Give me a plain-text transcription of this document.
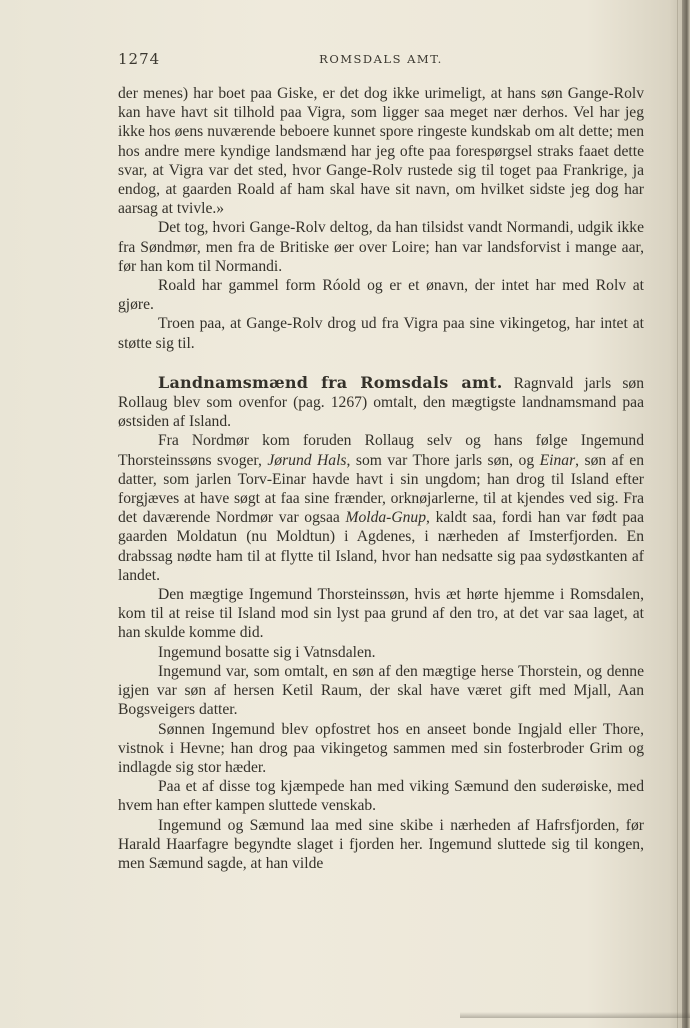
1274	ROMSDALS AMT.

der menes) har boet paa Giske, er det dog ikke urimeligt, at hans søn Gange-Rolv kan have havt sit tilhold paa Vigra, som ligger saa meget nær derhos. Vel har jeg ikke hos øens nuværende beboere kunnet spore ringeste kundskab om alt dette; men hos andre mere kyndige landsmænd har jeg ofte paa forespørgsel straks faaet dette svar, at Vigra var det sted, hvor Gange-Rolv rustede sig til toget paa Frankrige, ja endog, at gaarden Roald af ham skal have sit navn, om hvilket sidste jeg dog har aarsag at tvivle.»

Det tog, hvori Gange-Rolv deltog, da han tilsidst vandt Normandi, udgik ikke fra Søndmør, men fra de Britiske øer over Loire; han var landsforvist i mange aar, før han kom til Normandi.

Roald har gammel form Róold og er et ønavn, der intet har med Rolv at gjøre.

Troen paa, at Gange-Rolv drog ud fra Vigra paa sine vikingetog, har intet at støtte sig til.

Landnamsmænd fra Romsdals amt. Ragnvald jarls søn Rollaug blev som ovenfor (pag. 1267) omtalt, den mægtigste landnamsmand paa østsiden af Island.

Fra Nordmør kom foruden Rollaug selv og hans følge Ingemund Thorsteinssøns svoger, Jørund Hals, som var Thore jarls søn, og Einar, søn af en datter, som jarlen Torv-Einar havde havt i sin ungdom; han drog til Island efter forgjæves at have søgt at faa sine frænder, orknøjarlerne, til at kjendes ved sig. Fra det daværende Nordmør var ogsaa Molda-Gnup, kaldt saa, fordi han var født paa gaarden Moldatun (nu Moldtun) i Agdenes, i nærheden af Imsterfjorden. En drabssag nødte ham til at flytte til Island, hvor han nedsatte sig paa sydøstkanten af landet.

Den mægtige Ingemund Thorsteinssøn, hvis æt hørte hjemme i Romsdalen, kom til at reise til Island mod sin lyst paa grund af den tro, at det var saa laget, at han skulde komme did.

Ingemund bosatte sig i Vatnsdalen.

Ingemund var, som omtalt, en søn af den mægtige herse Thorstein, og denne igjen var søn af hersen Ketil Raum, der skal have været gift med Mjall, Aan Bogsveigers datter.

Sønnen Ingemund blev opfostret hos en anseet bonde Ingjald eller Thore, vistnok i Hevne; han drog paa vikingetog sammen med sin fosterbroder Grim og indlagde sig stor hæder.

Paa et af disse tog kjæmpede han med viking Sæmund den suderøiske, med hvem han efter kampen sluttede venskab.

Ingemund og Sæmund laa med sine skibe i nærheden af Hafrsfjorden, før Harald Haarfagre begyndte slaget i fjorden her. Ingemund sluttede sig til kongen, men Sæmund sagde, at han vilde
